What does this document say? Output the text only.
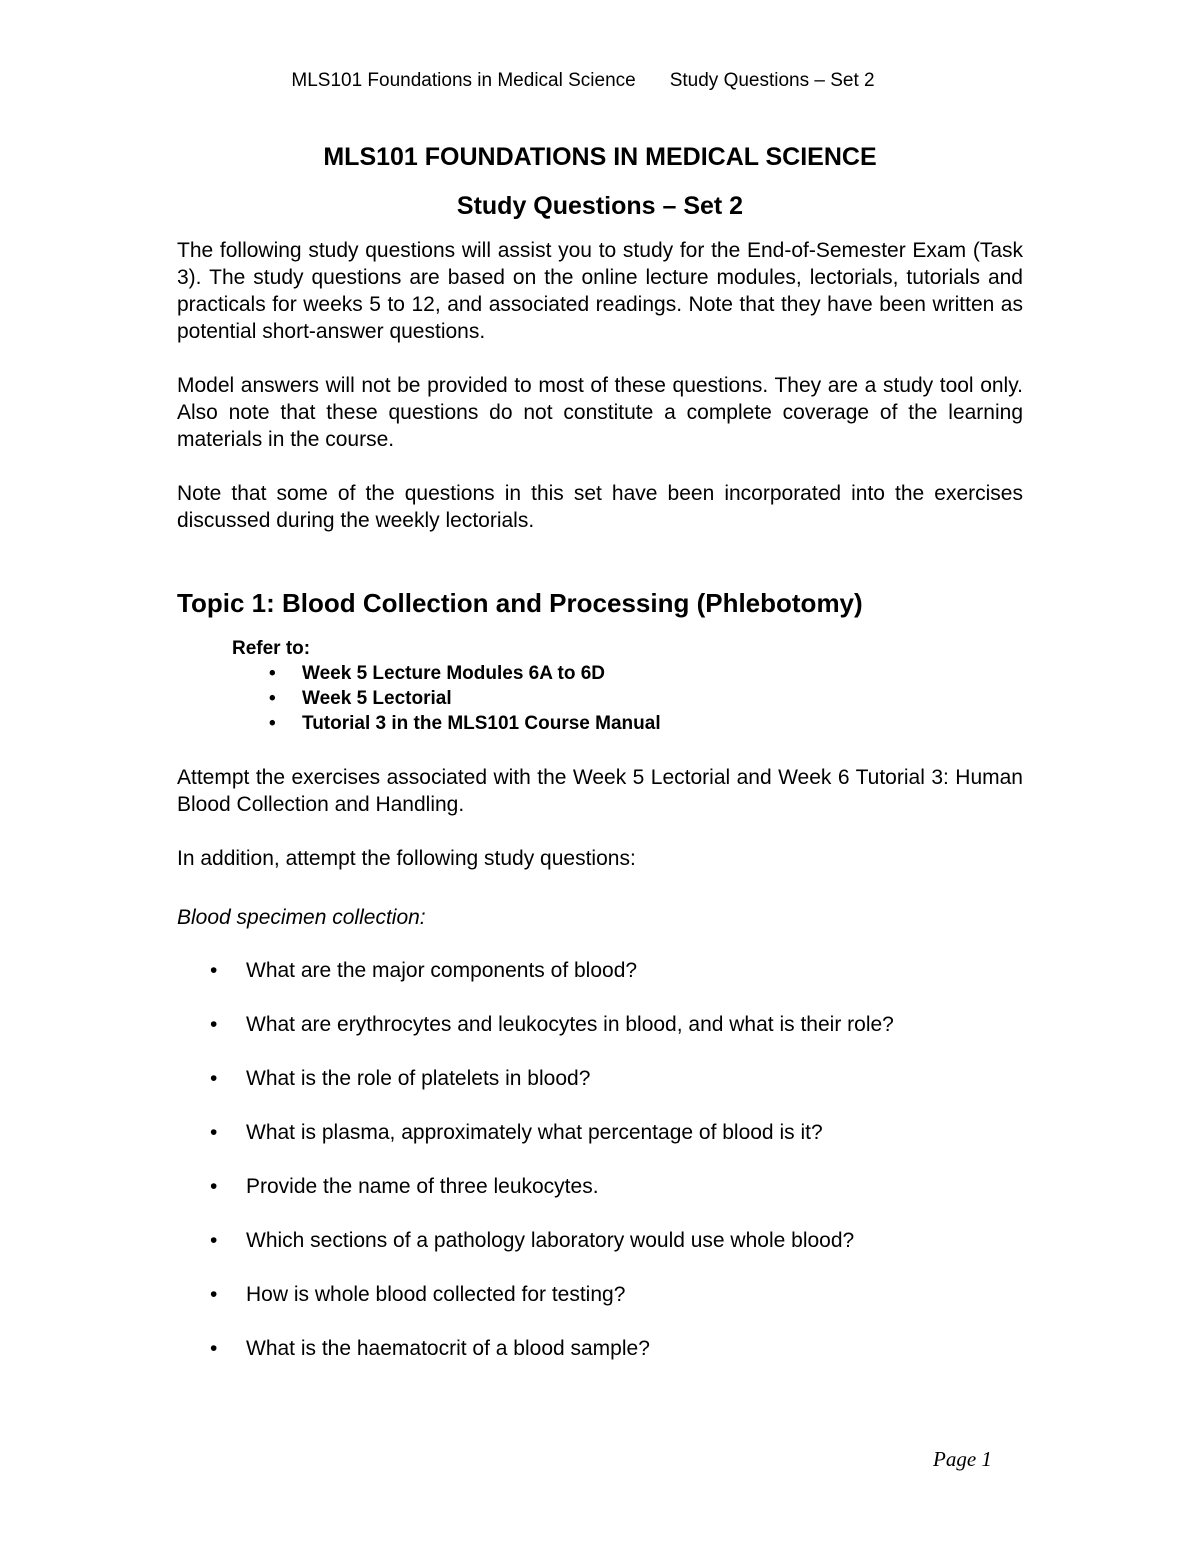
MLS101 Foundations in Medical Science Study Questions – Set 2
MLS101 FOUNDATIONS IN MEDICAL SCIENCE
Study Questions – Set 2

The following study questions will assist you to study for the End-of-Semester Exam (Task 3). The study questions are based on the online lecture modules, lectorials, tutorials and practicals for weeks 5 to 12, and associated readings. Note that they have been written as potential short-answer questions.

Model answers will not be provided to most of these questions. They are a study tool only. Also note that these questions do not constitute a complete coverage of the learning materials in the course.

Note that some of the questions in this set have been incorporated into the exercises discussed during the weekly lectorials.

Topic 1: Blood Collection and Processing (Phlebotomy)
Refer to:
• Week 5 Lecture Modules 6A to 6D
• Week 5 Lectorial
• Tutorial 3 in the MLS101 Course Manual

Attempt the exercises associated with the Week 5 Lectorial and Week 6 Tutorial 3: Human Blood Collection and Handling.

In addition, attempt the following study questions:

Blood specimen collection:

• What are the major components of blood?
• What are erythrocytes and leukocytes in blood, and what is their role?
• What is the role of platelets in blood?
• What is plasma, approximately what percentage of blood is it?
• Provide the name of three leukocytes.
• Which sections of a pathology laboratory would use whole blood?
• How is whole blood collected for testing?
• What is the haematocrit of a blood sample?
Page 1
